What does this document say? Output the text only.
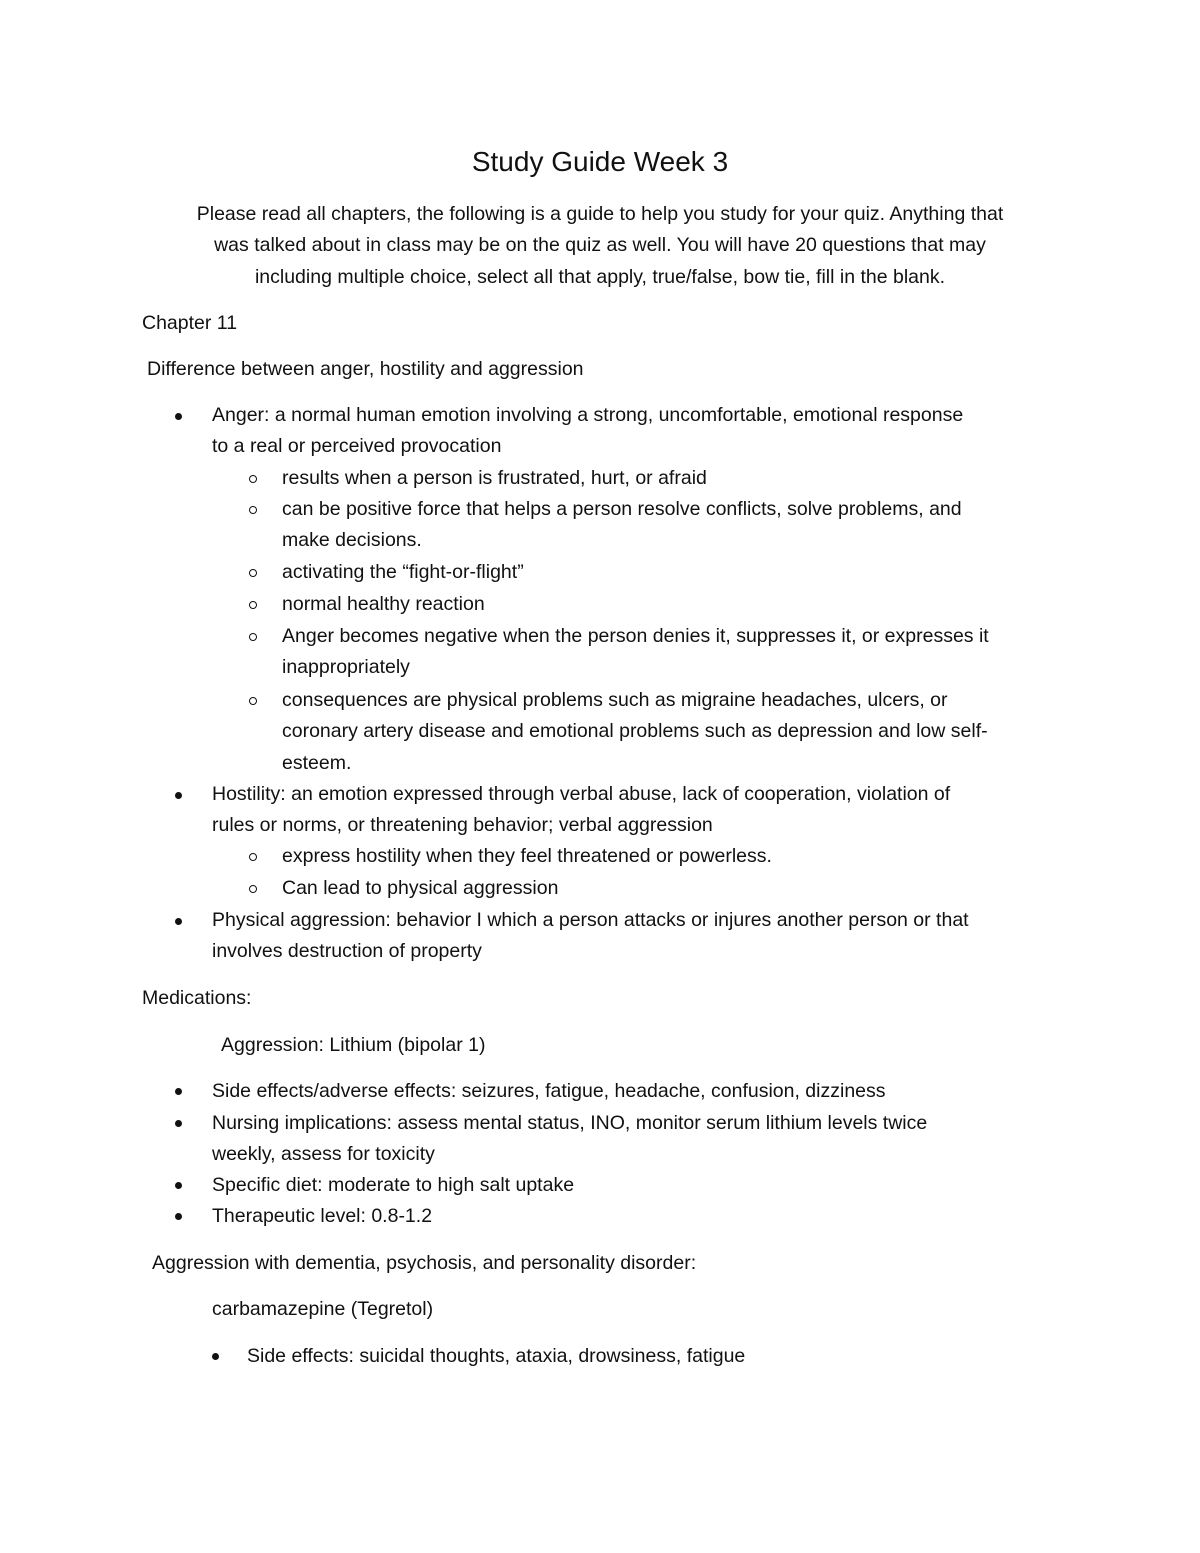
Study Guide Week 3
Please read all chapters, the following is a guide to help you study for your quiz. Anything that
was talked about in class may be on the quiz as well. You will have 20 questions that may
including multiple choice, select all that apply, true/false, bow tie, fill in the blank.
Chapter 11
Difference between anger, hostility and aggression
Anger: a normal human emotion involving a strong, uncomfortable, emotional response
to a real or perceived provocation
results when a person is frustrated, hurt, or afraid
can be positive force that helps a person resolve conflicts, solve problems, and
make decisions.
activating the “fight-or-flight”
normal healthy reaction
Anger becomes negative when the person denies it, suppresses it, or expresses it
inappropriately
consequences are physical problems such as migraine headaches, ulcers, or
coronary artery disease and emotional problems such as depression and low self-
esteem.
Hostility: an emotion expressed through verbal abuse, lack of cooperation, violation of
rules or norms, or threatening behavior; verbal aggression
express hostility when they feel threatened or powerless.
Can lead to physical aggression
Physical aggression: behavior I which a person attacks or injures another person or that
involves destruction of property
Medications:
Aggression: Lithium (bipolar 1)
Side effects/adverse effects: seizures, fatigue, headache, confusion, dizziness
Nursing implications: assess mental status, INO, monitor serum lithium levels twice
weekly, assess for toxicity
Specific diet: moderate to high salt uptake
Therapeutic level: 0.8-1.2
Aggression with dementia, psychosis, and personality disorder:
carbamazepine (Tegretol)
Side effects: suicidal thoughts, ataxia, drowsiness, fatigue
